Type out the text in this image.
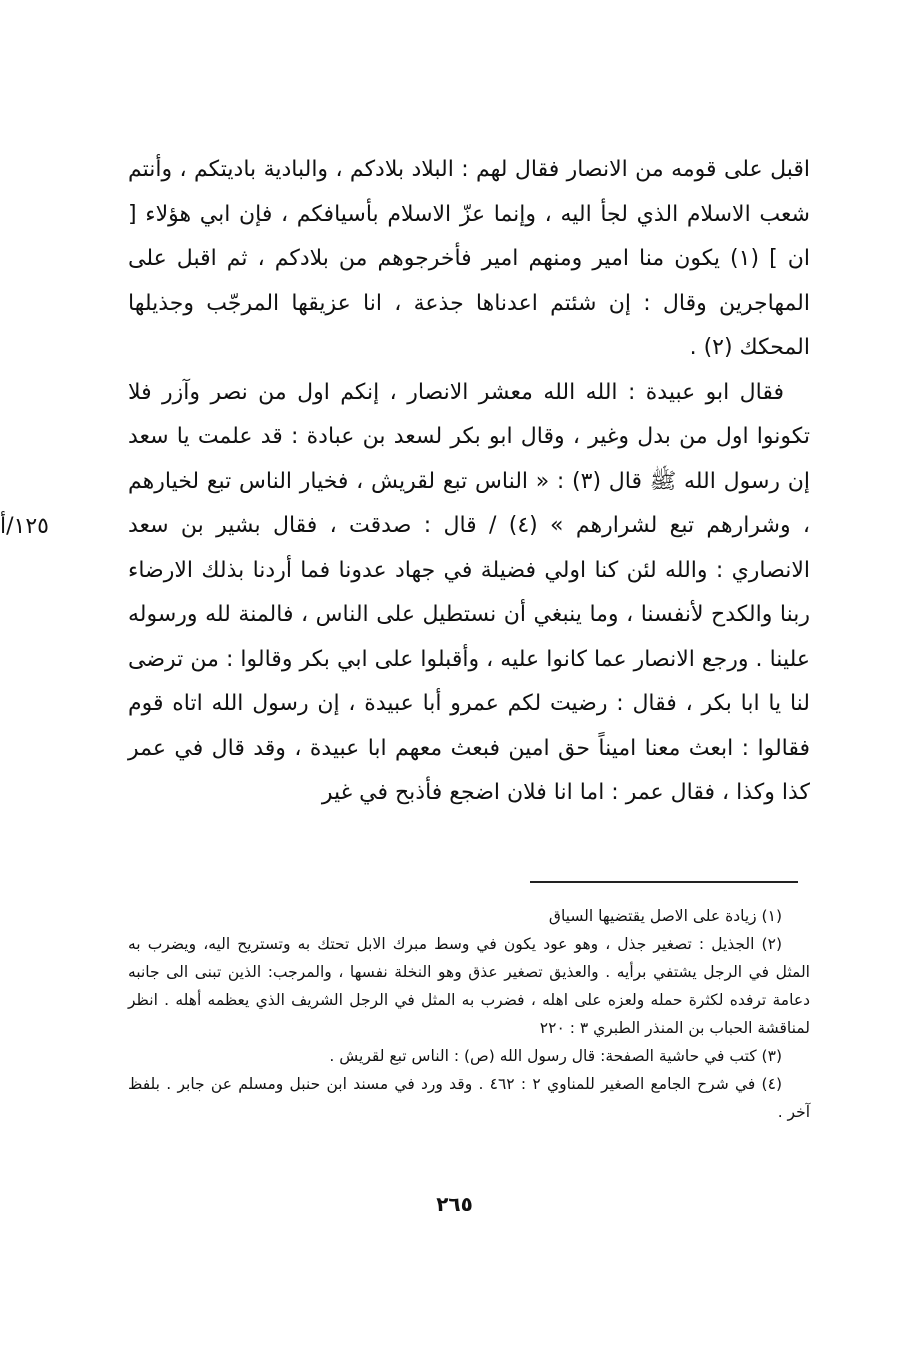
اقبل على قومه من الانصار فقال لهم : البلاد بلادكم ، والبادية باديتكم ، وأنتم شعب الاسلام الذي لجأ اليه ، وإنما عزّ الاسلام بأسيافكم ، فإن ابي هؤلاء [ ان ] (١) يكون منا امير ومنهم امير فأخرجوهم من بلادكم ، ثم اقبل على المهاجرين وقال : إن شئتم اعدناها جذعة ، انا عزيقها المرجّب وجذيلها المحكك (٢) .

فقال ابو عبيدة : الله الله معشر الانصار ، إنكم اول من نصر وآزر فلا تكونوا اول من بدل وغير ، وقال ابو بكر لسعد بن عبادة : قد علمت يا سعد إن رسول الله ﷺ قال (٣) : « الناس تبع لقريش ، فخيار الناس تبع لخيارهم ، وشرارهم تبع لشرارهم » (٤) / قال : صدقت ، فقال بشير بن سعد الانصاري : والله لئن كنا اولي فضيلة في جهاد عدونا فما أردنا بذلك الارضاء ربنا والكدح لأنفسنا ، وما ينبغي أن نستطيل على الناس ، فالمنة لله ورسوله علينا . ورجع الانصار عما كانوا عليه ، وأقبلوا على ابي بكر وقالوا : من ترضى لنا يا ابا بكر ، فقال : رضيت لكم عمرو أبا عبيدة ، إن رسول الله اتاه قوم فقالوا : ابعث معنا اميناً حق امين فبعث معهم ابا عبيدة ، وقد قال في عمر كذا وكذا ، فقال عمر : اما انا فلان اضجع فأذبح في غير

١٢٥/أ

(١) زيادة على الاصل يقتضيها السياق

(٢) الجذيل : تصغير جذل ، وهو عود يكون في وسط مبرك الابل تحتك به وتستريح اليه، ويضرب به المثل في الرجل يشتفي برأيه . والعذيق تصغير عذق وهو النخلة نفسها ، والمرجب: الذين تبنى الى جانبه دعامة ترفده لكثرة حمله ولعزه على اهله ، فضرب به المثل في الرجل الشريف الذي يعظمه أهله . انظر لمناقشة الحباب بن المنذر الطبري ٣ : ٢٢٠

(٣) كتب في حاشية الصفحة: قال رسول الله (ص) : الناس تبع لقريش .

(٤) في شرح الجامع الصغير للمناوي ٢ : ٤٦٢ . وقد ورد في مسند ابن حنبل ومسلم عن جابر . بلفظ آخر .

٢٦٥
